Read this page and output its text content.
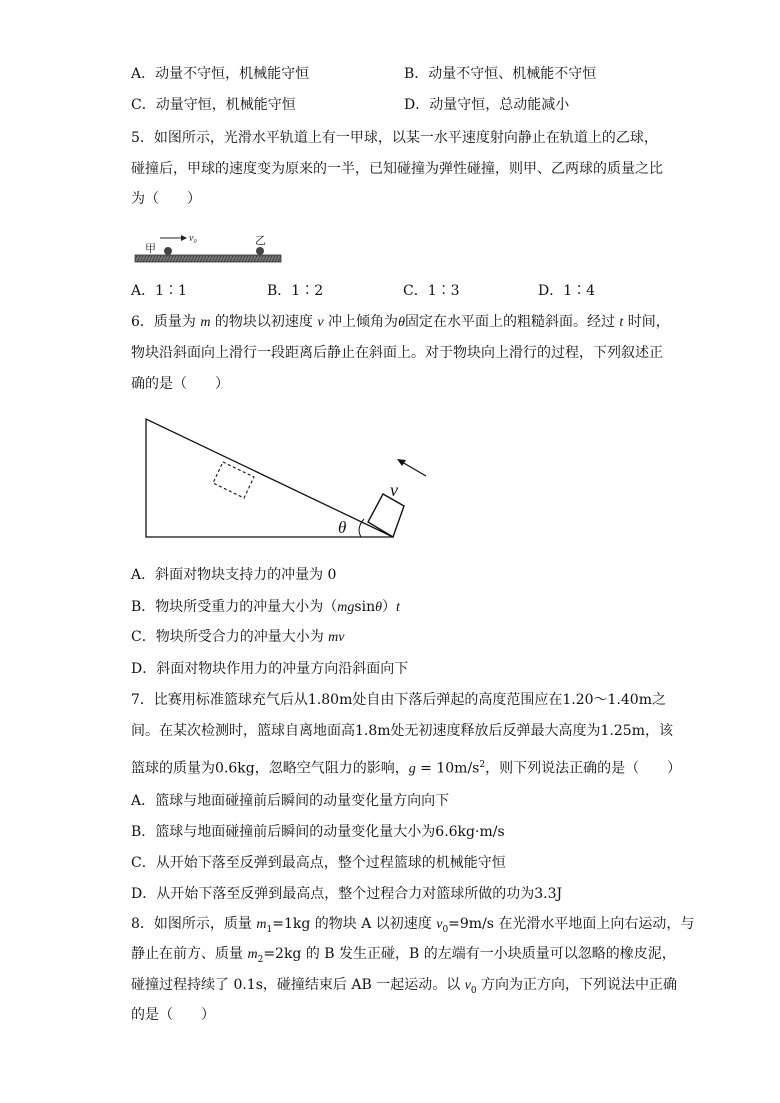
A．动量不守恒，机械能守恒	B．动量不守恒、机械能不守恒
C．动量守恒，机械能守恒	D．动量守恒，总动能减小
5．如图所示，光滑水平轨道上有一甲球，以某一水平速度射向静止在轨道上的乙球，
碰撞后，甲球的速度变为原来的一半，已知碰撞为弹性碰撞，则甲、乙两球的质量之比
为（　　）
甲
v₀	乙
A．1∶1	B．1∶2	C．1∶3	D．1∶4
6．质量为 m 的物块以初速度 v 冲上倾角为θ固定在水平面上的粗糙斜面。经过 t 时间，
物块沿斜面向上滑行一段距离后静止在斜面上。对于物块向上滑行的过程，下列叙述正
确的是（　　）
θ
v
A．斜面对物块支持力的冲量为 0
B．物块所受重力的冲量大小为（mgsinθ）t
C．物块所受合力的冲量大小为 mv
D．斜面对物块作用力的冲量方向沿斜面向下
7．比赛用标准篮球充气后从1.80m处自由下落后弹起的高度范围应在1.20～1.40m之
间。在某次检测时，篮球自离地面高1.8m处无初速度释放后反弹最大高度为1.25m，该
篮球的质量为0.6kg，忽略空气阻力的影响，$g = 10m/s^2$，则下列说法正确的是（　　）
A．篮球与地面碰撞前后瞬间的动量变化量方向向下
B．篮球与地面碰撞前后瞬间的动量变化量大小为6.6kg·m/s
C．从开始下落至反弹到最高点，整个过程篮球的机械能守恒
D．从开始下落至反弹到最高点，整个过程合力对篮球所做的功为3.3J
8．如图所示，质量 $m_1=1kg$ 的物块 A 以初速度 $v_0=9m/s$ 在光滑水平地面上向右运动，与
静止在前方、质量 $m_2=2kg$ 的 B 发生正碰，B 的左端有一小块质量可以忽略的橡皮泥，
碰撞过程持续了 0.1s，碰撞结束后 AB 一起运动。以 $v_0$ 方向为正方向，下列说法中正确
的是（　　）
